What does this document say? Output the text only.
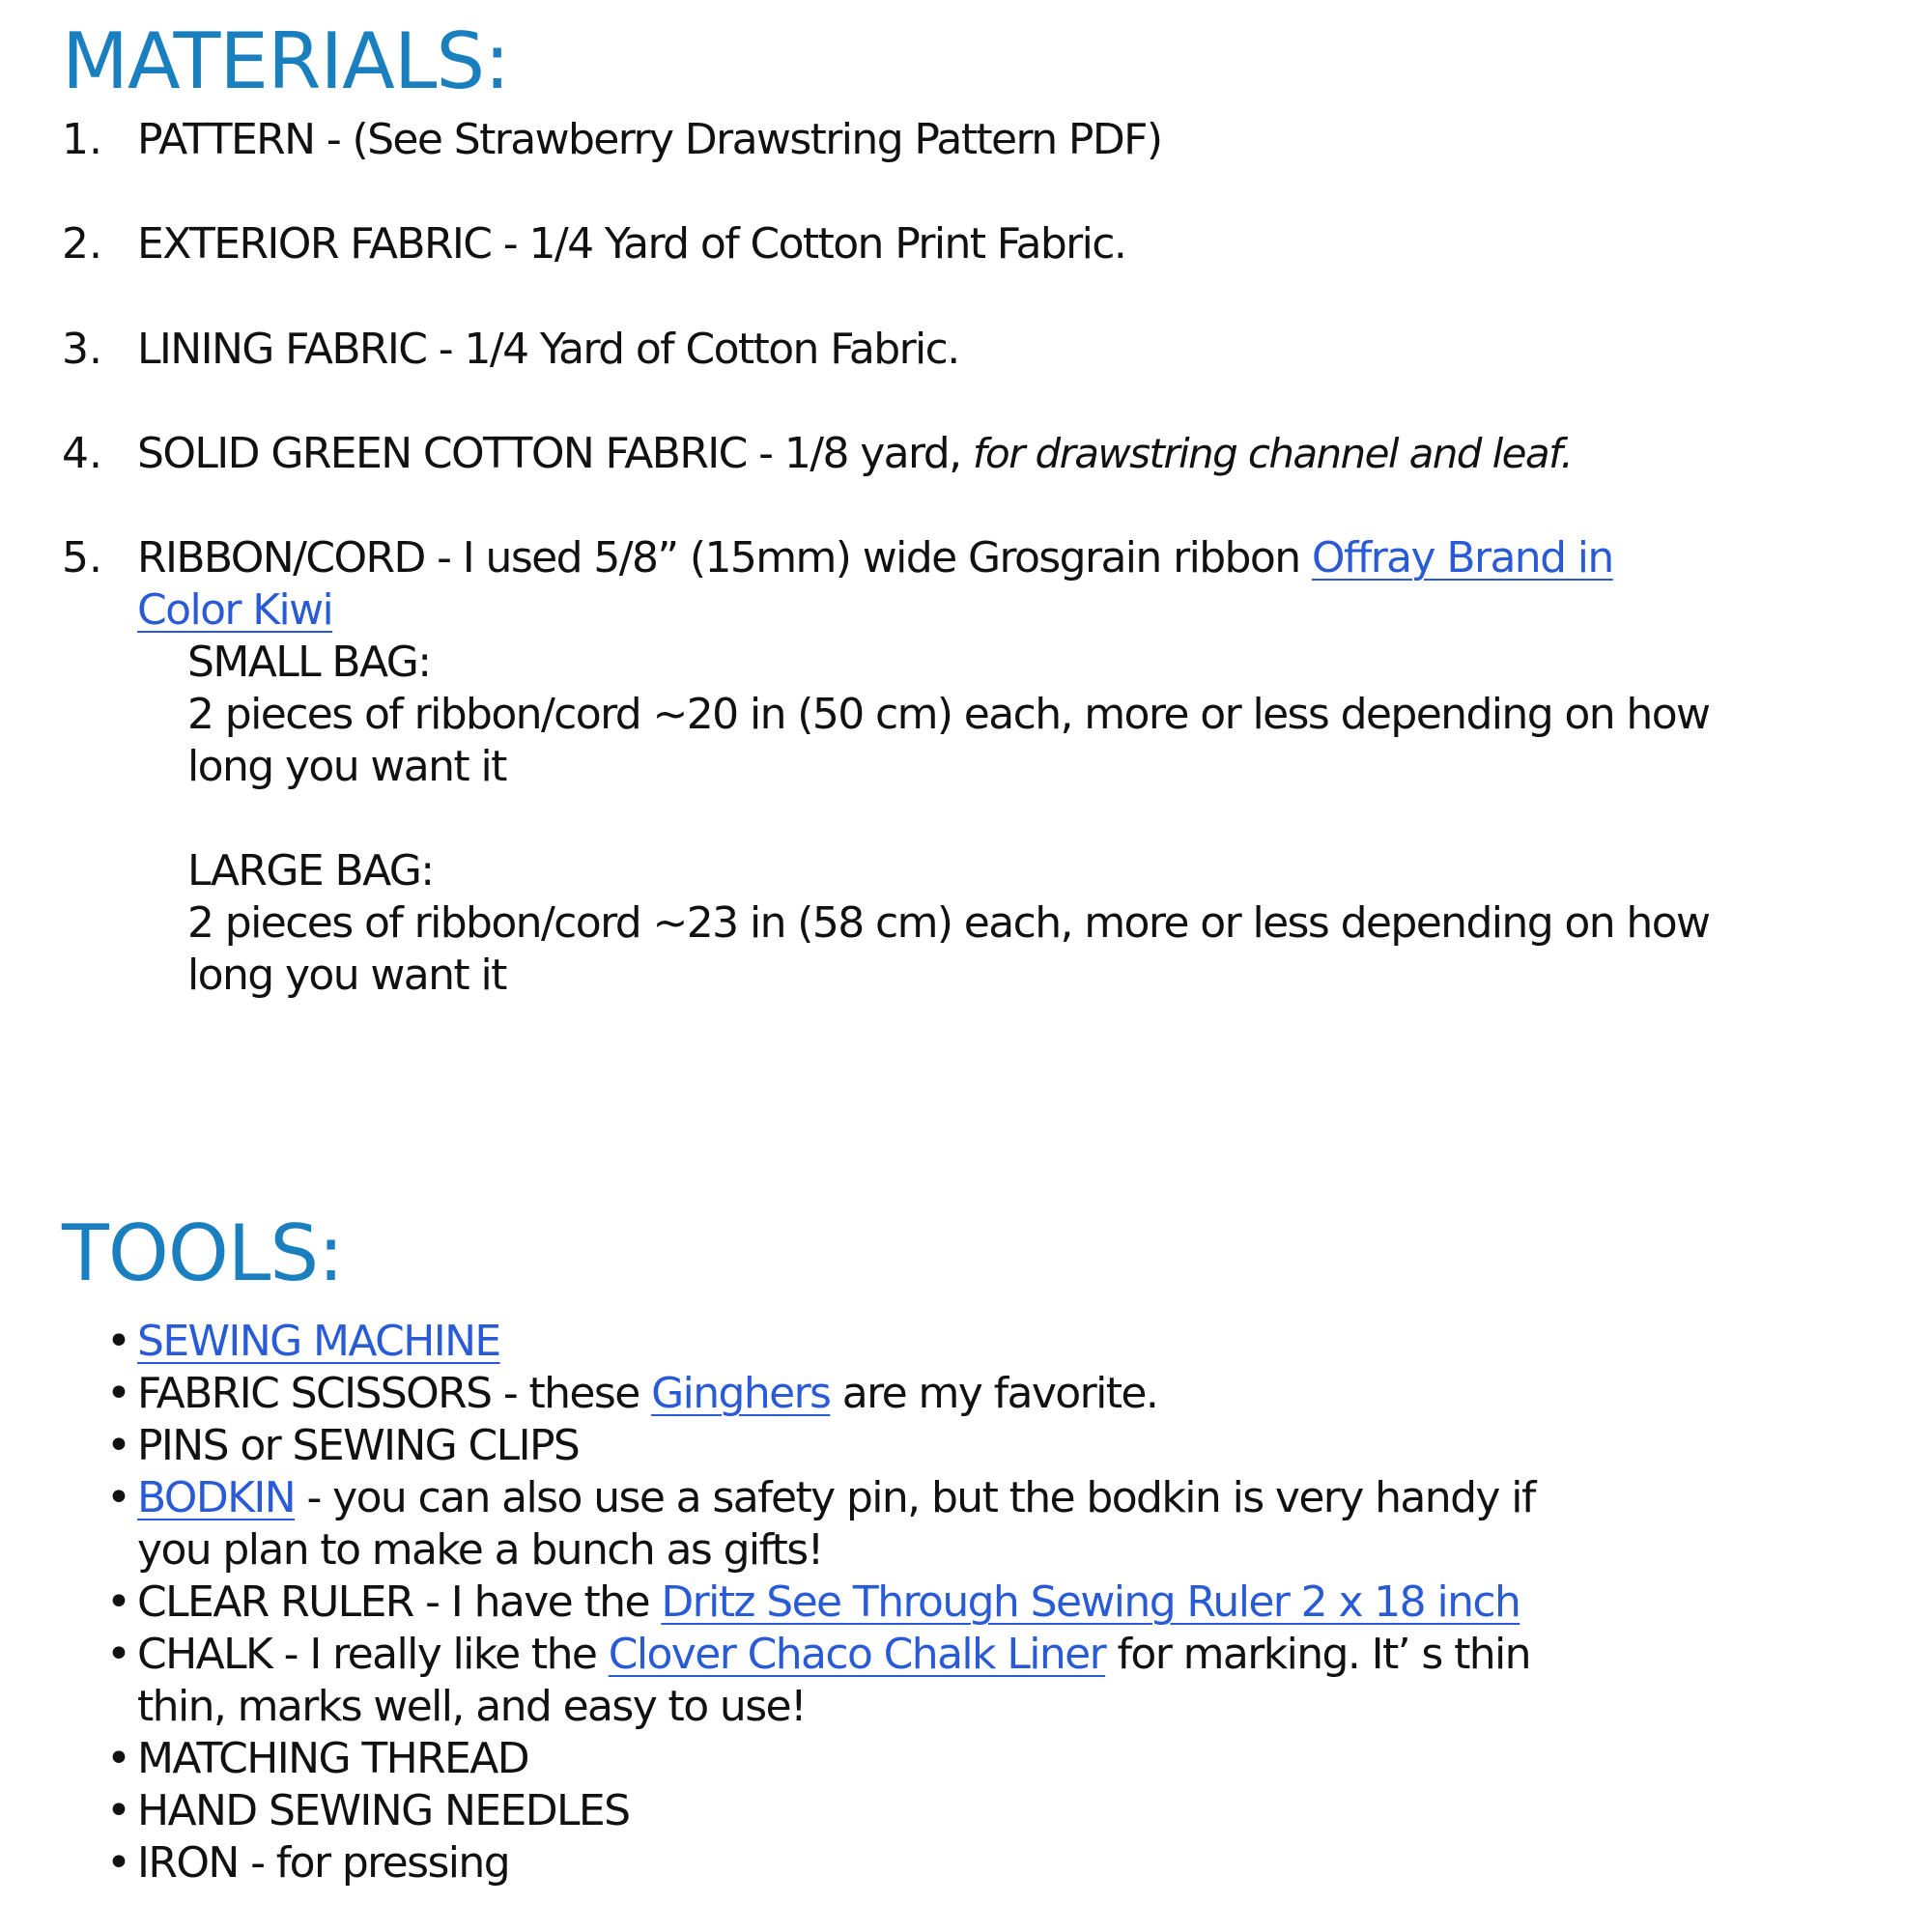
MATERIALS:
1. PATTERN - (See Strawberry Drawstring Pattern PDF)
2. EXTERIOR FABRIC - 1/4 Yard of Cotton Print Fabric.
3. LINING FABRIC - 1/4 Yard of Cotton Fabric.
4. SOLID GREEN COTTON FABRIC - 1/8 yard, for drawstring channel and leaf.
5. RIBBON/CORD - I used 5/8” (15mm) wide Grosgrain ribbon Offray Brand in
Color Kiwi
SMALL BAG:
2 pieces of ribbon/cord ~20 in (50 cm) each, more or less depending on how
long you want it
LARGE BAG:
2 pieces of ribbon/cord ~23 in (58 cm) each, more or less depending on how
long you want it
TOOLS:
• SEWING MACHINE
• FABRIC SCISSORS - these Ginghers are my favorite.
• PINS or SEWING CLIPS
• BODKIN - you can also use a safety pin, but the bodkin is very handy if
you plan to make a bunch as gifts!
• CLEAR RULER - I have the Dritz See Through Sewing Ruler 2 x 18 inch
• CHALK - I really like the Clover Chaco Chalk Liner for marking. It’ s thin
thin, marks well, and easy to use!
• MATCHING THREAD
• HAND SEWING NEEDLES
• IRON - for pressing
